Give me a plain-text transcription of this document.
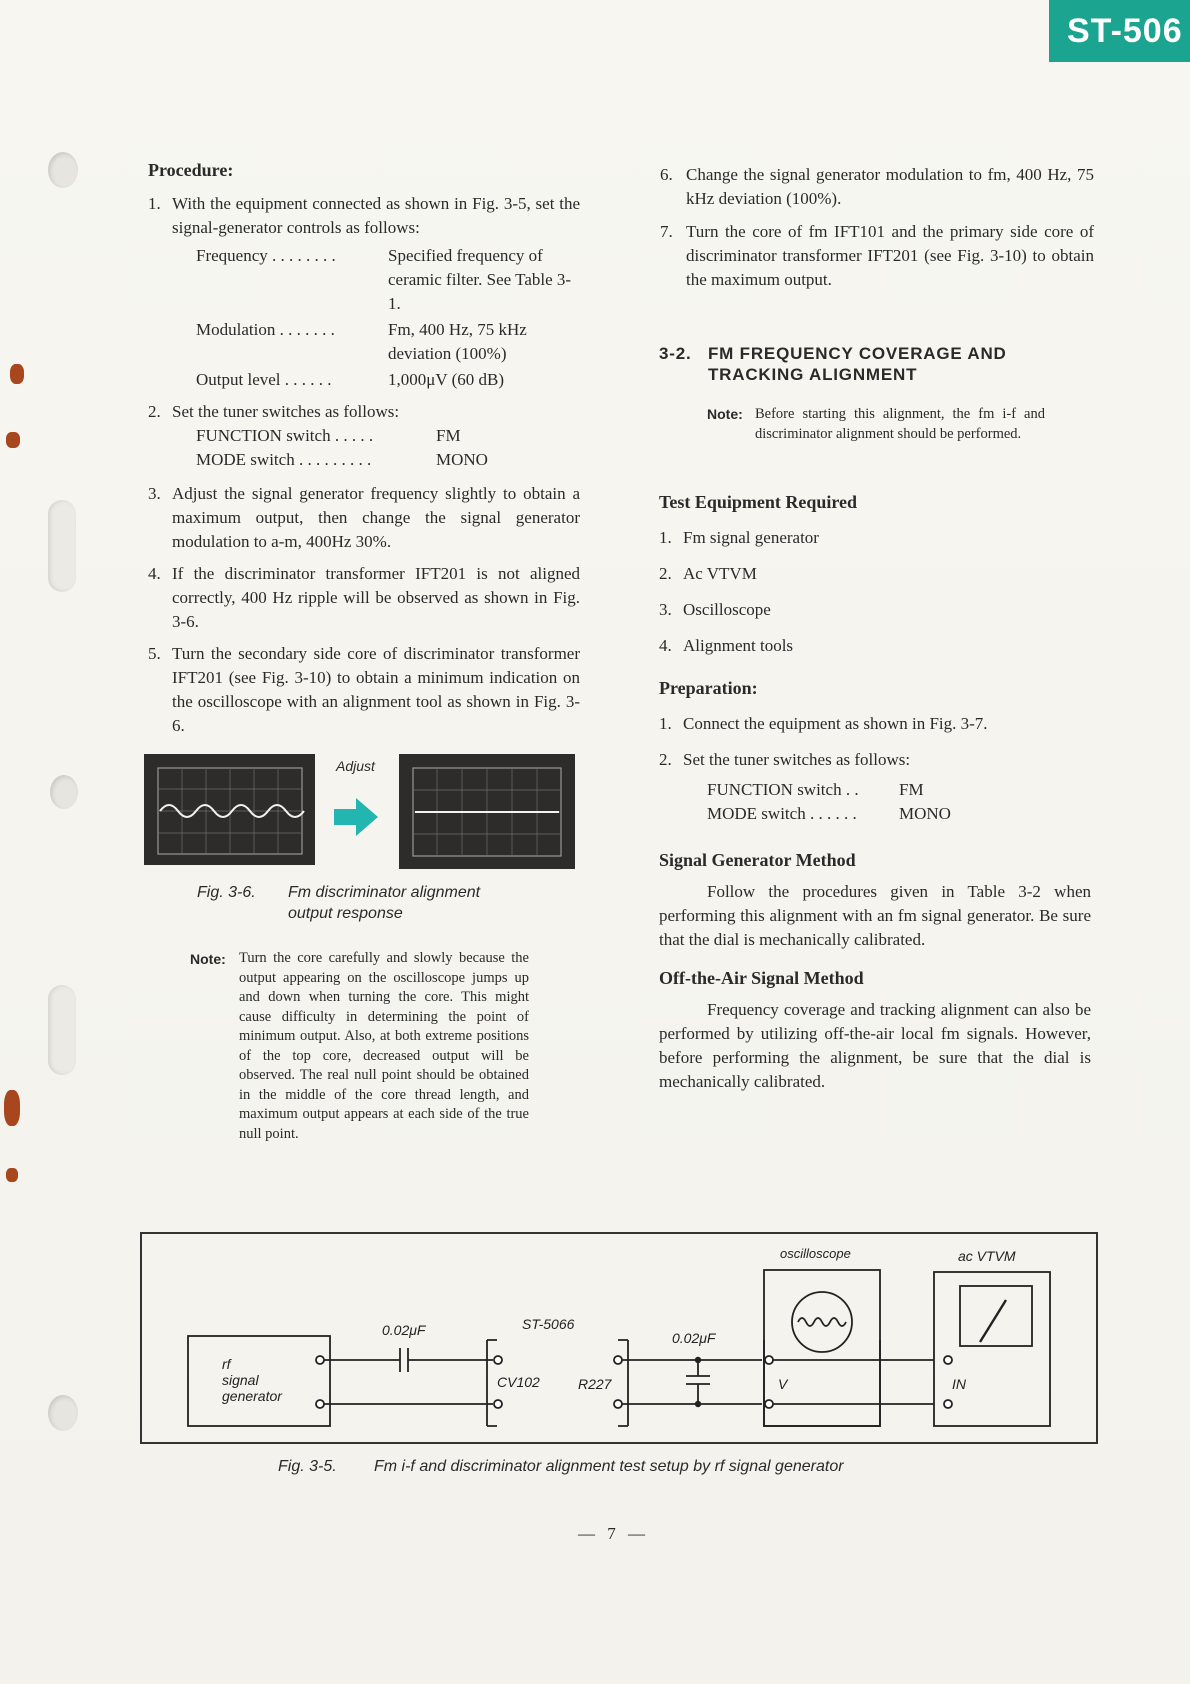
ST-506
Procedure:

1. With the equipment connected as shown in Fig. 3-5, set the signal-generator controls as follows:

Frequency . . . . . . . .	Specified frequency of ceramic filter. See Table 3-1.
Modulation . . . . . . .	Fm, 400 Hz, 75 kHz deviation (100%)
Output level . . . . . .	1,000μV (60 dB)

2. Set the tuner switches as follows:

FUNCTION switch . . . . .	FM
MODE switch . . . . . . . . .	MONO

3. Adjust the signal generator frequency slightly to obtain a maximum output, then change the signal generator modulation to a-m, 400Hz 30%.

4. If the discriminator transformer IFT201 is not aligned correctly, 400 Hz ripple will be observed as shown in Fig. 3-6.

5. Turn the secondary side core of discriminator transformer IFT201 (see Fig. 3-10) to obtain a minimum indication on the oscilloscope with an alignment tool as shown in Fig. 3-6.

Adjust
Fig. 3-6. Fm discriminator alignment
output response
Note: Turn the core carefully and slowly because the output appearing on the oscilloscope jumps up and down when turning the core. This might cause difficulty in determining the point of minimum output. Also, at both extreme positions of the top core, decreased output will be observed. The real null point should be obtained in the middle of the core thread length, and maximum output appears at each side of the true null point.

6. Change the signal generator modulation to fm, 400 Hz, 75 kHz deviation (100%).

7. Turn the core of fm IFT101 and the primary side core of discriminator transformer IFT201 (see Fig. 3-10) to obtain the maximum output.

3-2. FM FREQUENCY COVERAGE AND
TRACKING ALIGNMENT
Note: Before starting this alignment, the fm i-f and discriminator alignment should be performed.
Test Equipment Required

1. Fm signal generator

2. Ac VTVM

3. Oscilloscope

4. Alignment tools

Preparation:

1. Connect the equipment as shown in Fig. 3-7.

2. Set the tuner switches as follows:

FUNCTION switch . .	FM
MODE switch . . . . . .	MONO
Signal Generator Method

Follow the procedures given in Table 3-2 when performing this alignment with an fm signal generator. Be sure that the dial is mechanically calibrated.

Off-the-Air Signal Method

Frequency coverage and tracking alignment can also be performed by utilizing off-the-air local fm signals. However, before performing the alignment, be sure that the dial is mechanically calibrated.

rf
signal
generator
0.02μF	ST-5066
CV102	R227
0.02μF
oscilloscope
V
ac VTVM
IN
Fig. 3-5. Fm i-f and discriminator alignment test setup by rf signal generator
— 7 —
